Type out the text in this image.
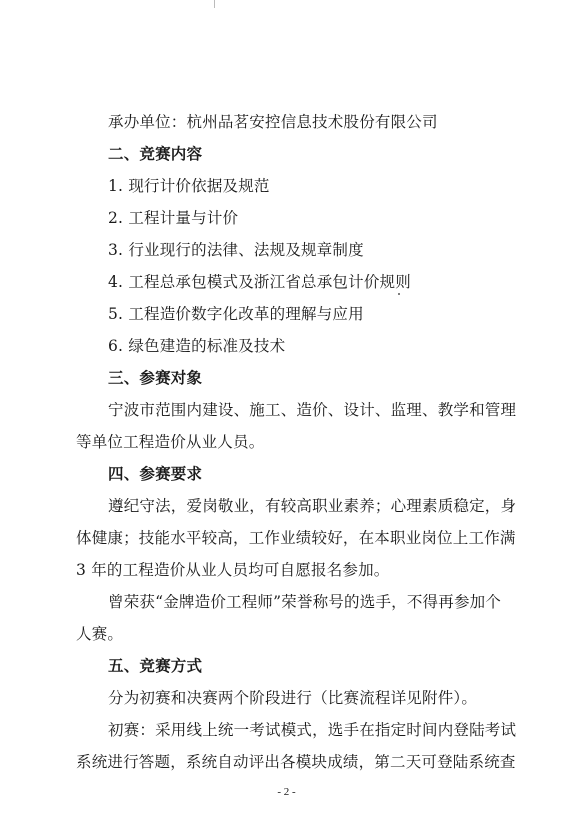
承办单位：杭州品茗安控信息技术股份有限公司
二、竞赛内容
1. 现行计价依据及规范
2. 工程计量与计价
3. 行业现行的法律、法规及规章制度
4. 工程总承包模式及浙江省总承包计价规则
5. 工程造价数字化改革的理解与应用
6. 绿色建造的标准及技术
三、参赛对象
宁波市范围内建设、施工、造价、设计、监理、教学和管理
等单位工程造价从业人员。
四、参赛要求
遵纪守法，爱岗敬业，有较高职业素养；心理素质稳定，身
体健康；技能水平较高，工作业绩较好，在本职业岗位上工作满
3 年的工程造价从业人员均可自愿报名参加。
曾荣获“金牌造价工程师”荣誉称号的选手，不得再参加个
人赛。
五、竞赛方式
分为初赛和决赛两个阶段进行（比赛流程详见附件）。
初赛：采用线上统一考试模式，选手在指定时间内登陆考试
系统进行答题，系统自动评出各模块成绩，第二天可登陆系统查
- 2 -
